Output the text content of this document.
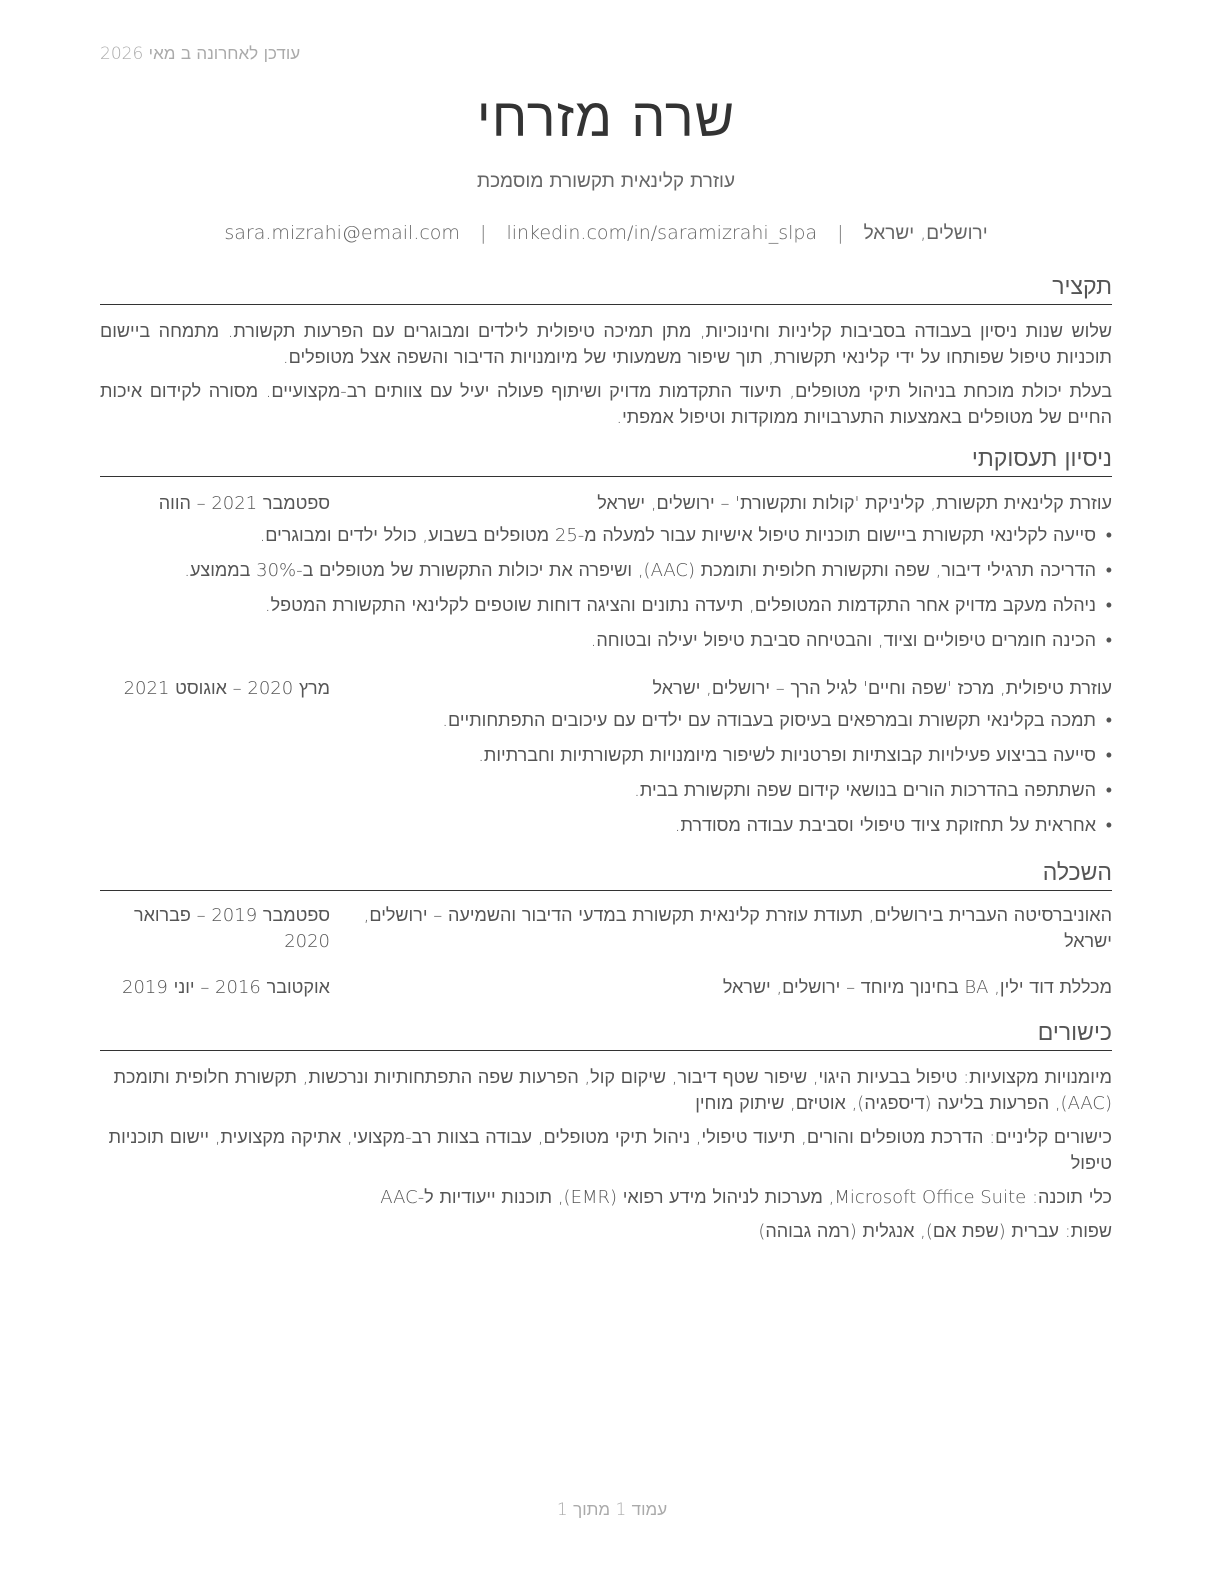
עודכן לאחרונה ב מאי 2026
שרה מזרחי
עוזרת קלינאית תקשורת מוסמכת
ירושלים, ישראל | sara.mizrahi@email.com | linkedin.com/in/saramizrahi_slpa
תקציר
שלוש שנות ניסיון בעבודה בסביבות קליניות וחינוכיות, מתן תמיכה טיפולית לילדים ומבוגרים עם הפרעות תקשורת. מתמחה ביישום תוכניות טיפול שפותחו על ידי קלינאי תקשורת, תוך שיפור משמעותי של מיומנויות הדיבור והשפה אצל מטופלים.
בעלת יכולת מוכחת בניהול תיקי מטופלים, תיעוד התקדמות מדויק ושיתוף פעולה יעיל עם צוותים רב-מקצועיים. מסורה לקידום איכות החיים של מטופלים באמצעות התערבויות ממוקדות וטיפול אמפתי.
ניסיון תעסוקתי
עוזרת קלינאית תקשורת, קליניקת 'קולות ותקשורת' – ירושלים, ישראל
ספטמבר 2021 – הווה
• סייעה לקלינאי תקשורת ביישום תוכניות טיפול אישיות עבור למעלה מ-25 מטופלים בשבוע, כולל ילדים ומבוגרים.
• הדריכה תרגילי דיבור, שפה ותקשורת חלופית ותומכת (AAC), ושיפרה את יכולות התקשורת של מטופלים ב-30% בממוצע.
• ניהלה מעקב מדויק אחר התקדמות המטופלים, תיעדה נתונים והציגה דוחות שוטפים לקלינאי התקשורת המטפל.
• הכינה חומרים טיפוליים וציוד, והבטיחה סביבת טיפול יעילה ובטוחה.
עוזרת טיפולית, מרכז 'שפה וחיים' לגיל הרך – ירושלים, ישראל
מרץ 2020 – אוגוסט 2021
• תמכה בקלינאי תקשורת ובמרפאים בעיסוק בעבודה עם ילדים עם עיכובים התפתחותיים.
• סייעה בביצוע פעילויות קבוצתיות ופרטניות לשיפור מיומנויות תקשורתיות וחברתיות.
• השתתפה בהדרכות הורים בנושאי קידום שפה ותקשורת בבית.
• אחראית על תחזוקת ציוד טיפולי וסביבת עבודה מסודרת.
השכלה
האוניברסיטה העברית בירושלים, תעודת עוזרת קלינאית תקשורת במדעי הדיבור והשמיעה – ירושלים, ישראל
ספטמבר 2019 – פברואר 2020
מכללת דוד ילין, BA בחינוך מיוחד – ירושלים, ישראל
אוקטובר 2016 – יוני 2019
כישורים
מיומנויות מקצועיות: טיפול בבעיות היגוי, שיפור שטף דיבור, שיקום קול, הפרעות שפה התפתחותיות ונרכשות, תקשורת חלופית ותומכת (AAC), הפרעות בליעה (דיספגיה), אוטיזם, שיתוק מוחין
כישורים קליניים: הדרכת מטופלים והורים, תיעוד טיפולי, ניהול תיקי מטופלים, עבודה בצוות רב-מקצועי, אתיקה מקצועית, יישום תוכניות טיפול
כלי תוכנה: Microsoft Office Suite, מערכות לניהול מידע רפואי (EMR), תוכנות ייעודיות ל-AAC
שפות: עברית (שפת אם), אנגלית (רמה גבוהה)
עמוד 1 מתוך 1
